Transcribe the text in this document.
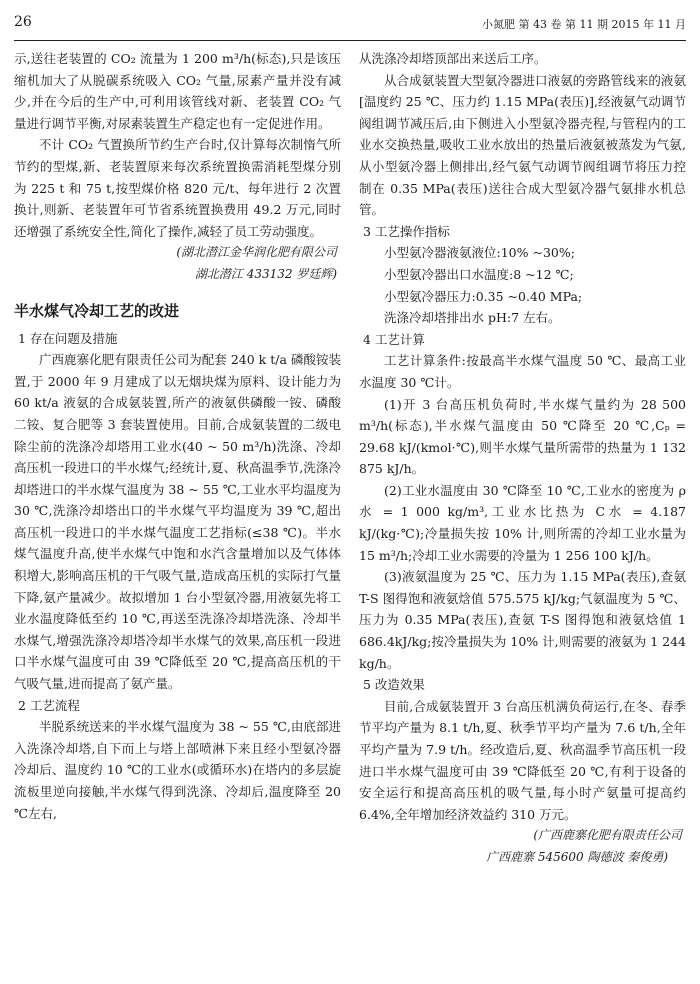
26	小氮肥 第 43 卷 第 11 期 2015 年 11 月

示,送往老装置的 CO₂ 流量为 1 200 m³/h(标态),只是该压缩机加大了从脱碳系统吸入 CO₂ 气量,尿素产量并没有减少,并在今后的生产中,可利用该管线对新、老装置 CO₂ 气量进行调节平衡,对尿素装置生产稳定也有一定促进作用。

不计 CO₂ 气置换所节约生产台时,仅计算每次制惰气所节约的型煤,新、老装置原来每次系统置换需消耗型煤分别为 225 t 和 75 t,按型煤价格 820 元/t、每年进行 2 次置换计,则新、老装置年可节省系统置换费用 49.2 万元,同时还增强了系统安全性,简化了操作,减轻了员工劳动强度。

(湖北潜江金华润化肥有限公司

湖北潜江 433132 罗廷辉)

半水煤气冷却工艺的改进

1 存在问题及措施

广西鹿寨化肥有限责任公司为配套 240 k t/a 磷酸铵装置,于 2000 年 9 月建成了以无烟块煤为原料、设计能力为 60 kt/a 液氨的合成氨装置,所产的液氨供磷酸一铵、磷酸二铵、复合肥等 3 套装置使用。目前,合成氨装置的二级电除尘前的洗涤冷却塔用工业水(40 ~ 50 m³/h)洗涤、冷却高压机一段进口的半水煤气;经统计,夏、秋高温季节,洗涤冷却塔进口的半水煤气温度为 38 ~ 55 ℃,工业水平均温度为 30 ℃,洗涤冷却塔出口的半水煤气平均温度为 39 ℃,超出高压机一段进口的半水煤气温度工艺指标(≤38 ℃)。半水煤气温度升高,使半水煤气中饱和水汽含量增加以及气体体积增大,影响高压机的干气吸气量,造成高压机的实际打气量下降,氨产量减少。故拟增加 1 台小型氨冷器,用液氨先将工业水温度降低至约 10 ℃,再送至洗涤冷却塔洗涤、冷却半水煤气,增强洗涤冷却塔冷却半水煤气的效果,高压机一段进口半水煤气温度可由 39 ℃降低至 20 ℃,提高高压机的干气吸气量,进而提高了氨产量。

2 工艺流程

半脱系统送来的半水煤气温度为 38 ~ 55 ℃,由底部进入洗涤冷却塔,自下而上与塔上部喷淋下来且经小型氨冷器冷却后、温度约 10 ℃的工业水(或循环水)在塔内的多层旋流板里逆向接触,半水煤气得到洗涤、冷却后,温度降至 20 ℃左右,

从洗涤冷却塔顶部出来送后工序。

从合成氨装置大型氨冷器进口液氨的旁路管线来的液氨[温度约 25 ℃、压力约 1.15 MPa(表压)],经液氨气动调节阀组调节减压后,由下侧进入小型氨冷器壳程,与管程内的工业水交换热量,吸收工业水放出的热量后液氨被蒸发为气氨,从小型氨冷器上侧排出,经气氨气动调节阀组调节将压力控制在 0.35 MPa(表压)送往合成大型氨冷器气氨排水机总管。

3 工艺操作指标

小型氨冷器液氨液位:10% ~30%;

小型氨冷器出口水温度:8 ~12 ℃;

小型氨冷器压力:0.35 ~0.40 MPa;

洗涤冷却塔排出水 pH:7 左右。

4 工艺计算

工艺计算条件:按最高半水煤气温度 50 ℃、最高工业水温度 30 ℃计。

(1)开 3 台高压机负荷时,半水煤气量约为 28 500 m³/h(标态),半水煤气温度由 50 ℃降至 20 ℃,Cₚ = 29.68 kJ/(kmol·℃),则半水煤气量所需带的热量为 1 132 875 kJ/h。

(2)工业水温度由 30 ℃降至 10 ℃,工业水的密度为 ρ水 = 1 000 kg/m³,工业水比热为 C水 = 4.187 kJ/(kg·℃);冷量损失按 10% 计,则所需的冷却工业水量为 15 m³/h;冷却工业水需要的冷量为 1 256 100 kJ/h。

(3)液氨温度为 25 ℃、压力为 1.15 MPa(表压),查氨 T-S 图得饱和液氨焓值 575.575 kJ/kg;气氨温度为 5 ℃、压力为 0.35 MPa(表压),查氨 T-S 图得饱和液氨焓值 1 686.4kJ/kg;按冷量损失为 10% 计,则需要的液氨为 1 244 kg/h。

5 改造效果

目前,合成氨装置开 3 台高压机满负荷运行,在冬、春季节平均产量为 8.1 t/h,夏、秋季节平均产量为 7.6 t/h,全年平均产量为 7.9 t/h。经改造后,夏、秋高温季节高压机一段进口半水煤气温度可由 39 ℃降低至 20 ℃,有利于设备的安全运行和提高高压机的吸气量,每小时产氨量可提高约6.4%,全年增加经济效益约 310 万元。

(广西鹿寨化肥有限责任公司

广西鹿寨 545600 陶德波 秦俊勇)
